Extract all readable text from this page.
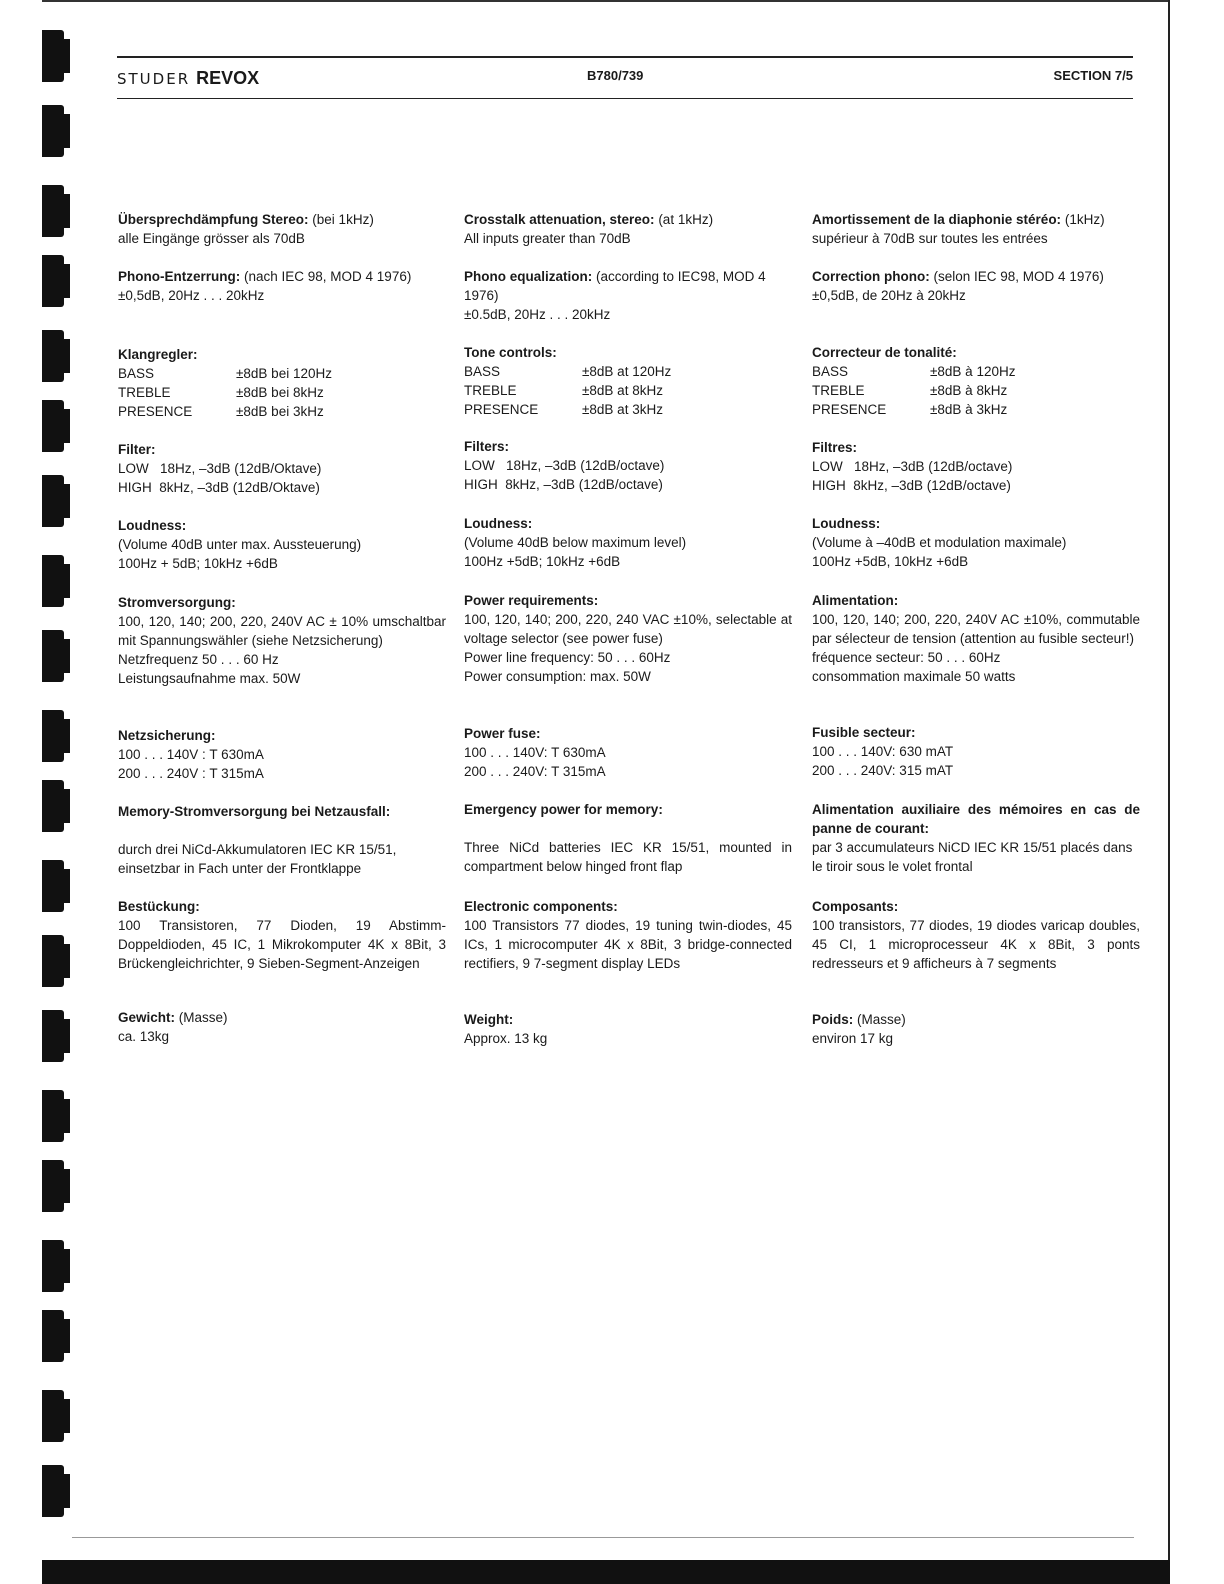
STUDER REVOX	B780/739	SECTION 7/5
Übersprechdämpfung Stereo: (bei 1kHz)
alle Eingänge grösser als 70dB
Phono-Entzerrung: (nach IEC 98, MOD 4 1976)
±0,5dB, 20Hz . . . 20kHz
Klangregler:
BASS	±8dB bei 120Hz
TREBLE	±8dB bei 8kHz
PRESENCE	±8dB bei 3kHz
Filter:
LOW   18Hz, –3dB (12dB/Oktave)
HIGH  8kHz, –3dB (12dB/Oktave)
Loudness:
(Volume 40dB unter max. Aussteuerung)
100Hz + 5dB; 10kHz +6dB
Stromversorgung:
100, 120, 140; 200, 220, 240V AC ± 10% umschaltbar mit Spannungswähler (siehe Netzsicherung)
Netzfrequenz 50 . . . 60 Hz
Leistungsaufnahme max. 50W
Netzsicherung:
100 . . . 140V : T 630mA
200 . . . 240V : T 315mA
Memory-Stromversorgung bei Netzausfall:
durch drei NiCd-Akkumulatoren IEC KR 15/51, einsetzbar in Fach unter der Frontklappe
Bestückung:
100 Transistoren, 77 Dioden, 19 Abstimm-Doppeldioden, 45 IC, 1 Mikrokomputer 4K x 8Bit, 3 Brückengleichrichter, 9 Sieben-Segment-Anzeigen
Gewicht: (Masse)
ca. 13kg
Crosstalk attenuation, stereo: (at 1kHz)
All inputs greater than 70dB
Phono equalization: (according to IEC98, MOD 4 1976)
±0.5dB, 20Hz . . . 20kHz
Tone controls:
BASS	±8dB at 120Hz
TREBLE	±8dB at 8kHz
PRESENCE	±8dB at 3kHz
Filters:
LOW   18Hz, –3dB (12dB/octave)
HIGH  8kHz, –3dB (12dB/octave)
Loudness:
(Volume 40dB below maximum level)
100Hz +5dB; 10kHz +6dB
Power requirements:
100, 120, 140; 200, 220, 240 VAC ±10%, selectable at voltage selector (see power fuse)
Power line frequency: 50 . . . 60Hz
Power consumption: max. 50W
Power fuse:
100 . . . 140V: T 630mA
200 . . . 240V: T 315mA
Emergency power for memory:
Three NiCd batteries IEC KR 15/51, mounted in compartment below hinged front flap
Electronic components:
100 Transistors 77 diodes, 19 tuning twin-diodes, 45 ICs, 1 microcomputer 4K x 8Bit, 3 bridge-connected rectifiers, 9 7-segment display LEDs
Weight:
Approx. 13 kg
Amortissement de la diaphonie stéréo: (1kHz)
supérieur à 70dB sur toutes les entrées
Correction phono: (selon IEC 98, MOD 4 1976)
±0,5dB, de 20Hz à 20kHz
Correcteur de tonalité:
BASS	±8dB à 120Hz
TREBLE	±8dB à 8kHz
PRESENCE	±8dB à 3kHz
Filtres:
LOW   18Hz, –3dB (12dB/octave)
HIGH  8kHz, –3dB (12dB/octave)
Loudness:
(Volume à –40dB et modulation maximale)
100Hz +5dB, 10kHz +6dB
Alimentation:
100, 120, 140; 200, 220, 240V AC ±10%, commutable par sélecteur de tension (attention au fusible secteur!)
fréquence secteur: 50 . . . 60Hz
consommation maximale 50 watts
Fusible secteur:
100 . . . 140V: 630 mAT
200 . . . 240V: 315 mAT
Alimentation auxiliaire des mémoires en cas de panne de courant:
par 3 accumulateurs NiCD IEC KR 15/51 placés dans le tiroir sous le volet frontal
Composants:
100 transistors, 77 diodes, 19 diodes varicap doubles, 45 CI, 1 microprocesseur 4K x 8Bit, 3 ponts redresseurs et 9 afficheurs à 7 segments
Poids: (Masse)
environ 17 kg
